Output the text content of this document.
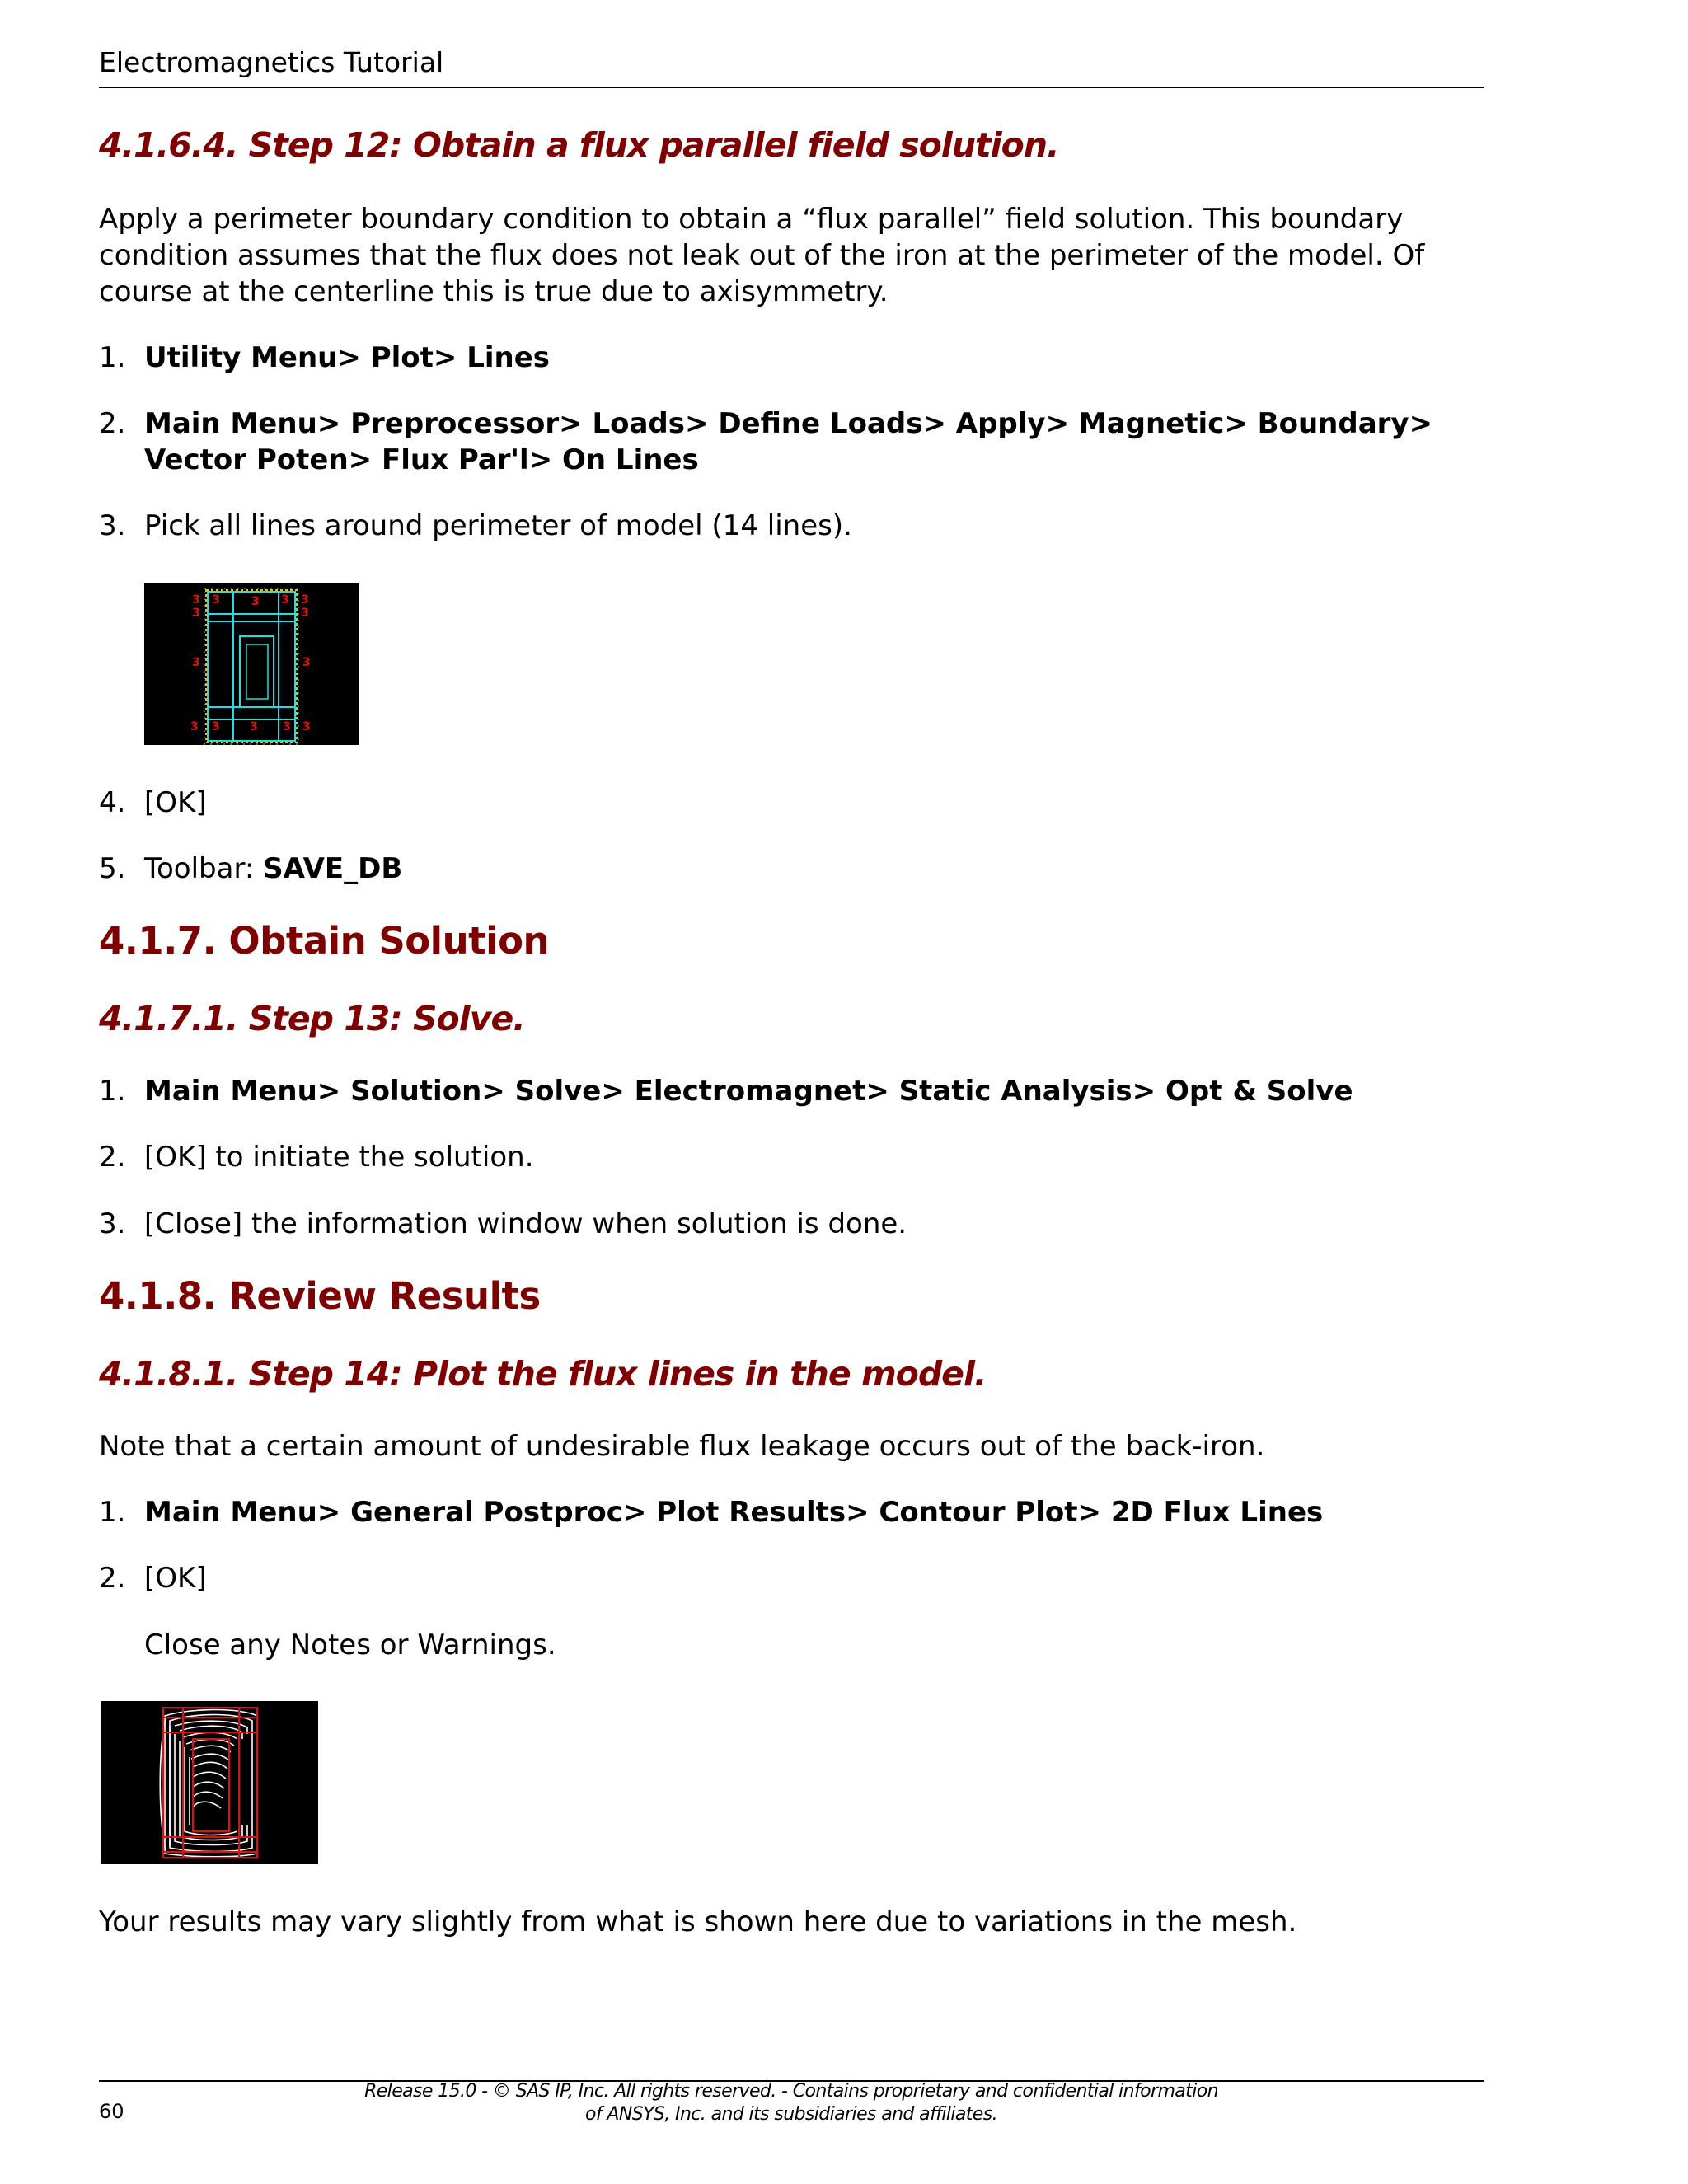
Electromagnetics Tutorial
4.1.6.4. Step 12: Obtain a flux parallel field solution.

Apply a perimeter boundary condition to obtain a “flux parallel” field solution. This boundary condition assumes that the flux does not leak out of the iron at the perimeter of the model. Of course at the centerline this is true due to axisymmetry.

1. Utility Menu> Plot> Lines
2. Main Menu> Preprocessor> Loads> Define Loads> Apply> Magnetic> Boundary> Vector Poten> Flux Par'l> On Lines
3. Pick all lines around perimeter of model (14 lines).
3
3
3	3
3
3	3
3 3	3 3 3
3	3
4. [OK]
5. Toolbar: SAVE_DB
4.1.7. Obtain Solution
4.1.7.1. Step 13: Solve.
1. Main Menu> Solution> Solve> Electromagnet> Static Analysis> Opt & Solve
2. [OK] to initiate the solution.
3. [Close] the information window when solution is done.
4.1.8. Review Results
4.1.8.1. Step 14: Plot the flux lines in the model.

Note that a certain amount of undesirable flux leakage occurs out of the back-iron.

1. Main Menu> General Postproc> Plot Results> Contour Plot> 2D Flux Lines
2. [OK]

Close any Notes or Warnings.

Your results may vary slightly from what is shown here due to variations in the mesh.

60
Release 15.0 - © SAS IP, Inc. All rights reserved. - Contains proprietary and confidential information
of ANSYS, Inc. and its subsidiaries and affiliates.
